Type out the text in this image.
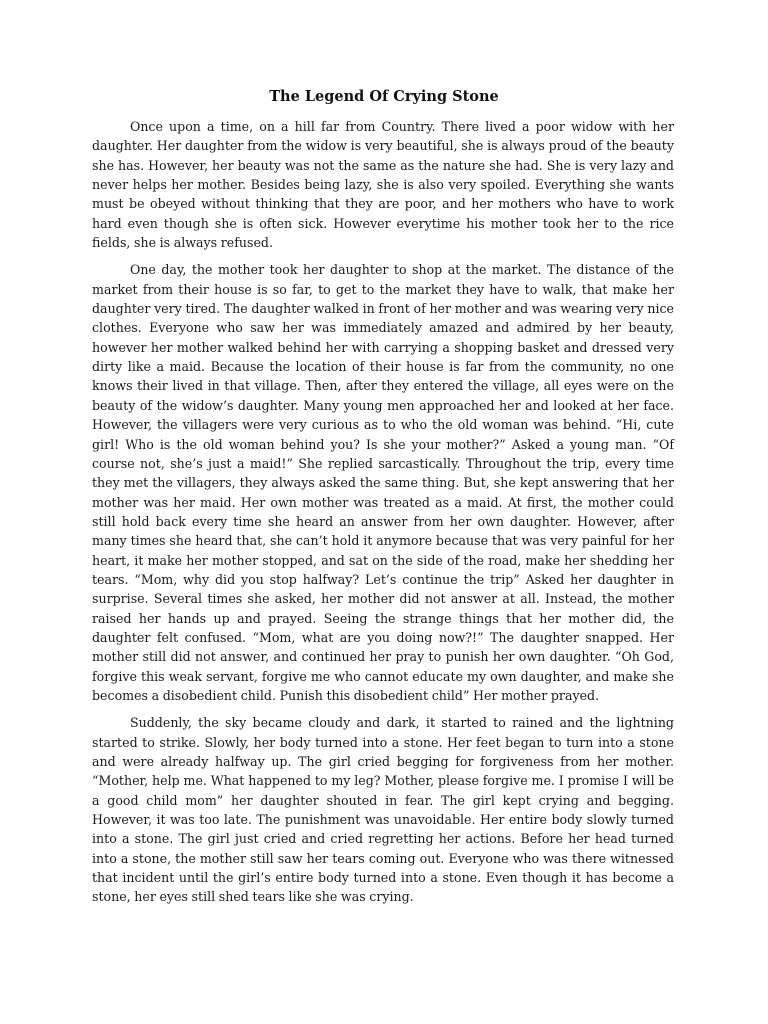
The Legend Of Crying Stone

Once upon a time, on a hill far from Country. There lived a poor widow with her daughter. Her daughter from the widow is very beautiful, she is always proud of the beauty she has. However, her beauty was not the same as the nature she had. She is very lazy and never helps her mother. Besides being lazy, she is also very spoiled. Everything she wants must be obeyed without thinking that they are poor, and her mothers who have to work hard even though she is often sick. However everytime his mother took her to the rice fields, she is always refused.

One day, the mother took her daughter to shop at the market. The distance of the market from their house is so far, to get to the market they have to walk, that make her daughter very tired. The daughter walked in front of her mother and was wearing very nice clothes. Everyone who saw her was immediately amazed and admired by her beauty, however her mother walked behind her with carrying a shopping basket and dressed very dirty like a maid. Because the location of their house is far from the community, no one knows their lived in that village. Then, after they entered the village, all eyes were on the beauty of the widow’s daughter. Many young men approached her and looked at her face. However, the villagers were very curious as to who the old woman was behind. “Hi, cute girl! Who is the old woman behind you? Is she your mother?” Asked a young man. “Of course not, she’s just a maid!” She replied sarcastically. Throughout the trip, every time they met the villagers, they always asked the same thing. But, she kept answering that her mother was her maid. Her own mother was treated as a maid. At first, the mother could still hold back every time she heard an answer from her own daughter. However, after many times she heard that, she can’t hold it anymore because that was very painful for her heart, it make her mother stopped, and sat on the side of the road, make her shedding her tears. “Mom, why did you stop halfway? Let’s continue the trip” Asked her daughter in surprise. Several times she asked, her mother did not answer at all. Instead, the mother raised her hands up and prayed. Seeing the strange things that her mother did, the daughter felt confused. “Mom, what are you doing now?!” The daughter snapped. Her mother still did not answer, and continued her pray to punish her own daughter. “Oh God, forgive this weak servant, forgive me who cannot educate my own daughter, and make she becomes a disobedient child. Punish this disobedient child” Her mother prayed.

Suddenly, the sky became cloudy and dark, it started to rained and the lightning started to strike. Slowly, her body turned into a stone. Her feet began to turn into a stone and were already halfway up. The girl cried begging for forgiveness from her mother. “Mother, help me. What happened to my leg? Mother, please forgive me. I promise I will be a good child mom” her daughter shouted in fear. The girl kept crying and begging. However, it was too late. The punishment was unavoidable. Her entire body slowly turned into a stone. The girl just cried and cried regretting her actions. Before her head turned into a stone, the mother still saw her tears coming out. Everyone who was there witnessed that incident until the girl’s entire body turned into a stone. Even though it has become a stone, her eyes still shed tears like she was crying.
